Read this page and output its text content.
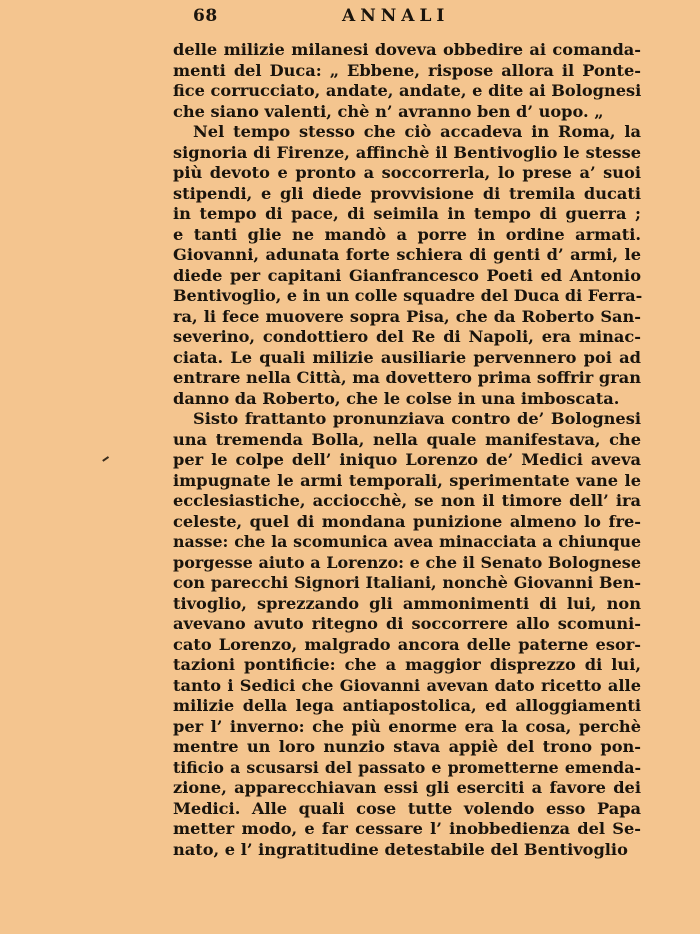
68	ANNALI
delle milizie milanesi doveva obbedire ai comanda-
menti del Duca: „ Ebbene, rispose allora il Ponte-
fice corrucciato, andate, andate, e dite ai Bolognesi
che siano valenti, chè n’ avranno ben d’ uopo. „
Nel tempo stesso che ciò accadeva in Roma, la
signoria di Firenze, affinchè il Bentivoglio le stesse
più devoto e pronto a soccorrerla, lo prese a’ suoi
stipendi, e gli diede provvisione di tremila ducati
in tempo di pace, di seimila in tempo di guerra ;
e tanti glie ne mandò a porre in ordine armati.
Giovanni, adunata forte schiera di genti d’ armi, le
diede per capitani Gianfrancesco Poeti ed Antonio
Bentivoglio, e in un colle squadre del Duca di Ferra-
ra, li fece muovere sopra Pisa, che da Roberto San-
severino, condottiero del Re di Napoli, era minac-
ciata. Le quali milizie ausiliarie pervennero poi ad
entrare nella Città, ma dovettero prima soffrir gran
danno da Roberto, che le colse in una imboscata.
Sisto frattanto pronunziava contro de’ Bolognesi
una tremenda Bolla, nella quale manifestava, che
per le colpe dell’ iniquo Lorenzo de’ Medici aveva
impugnate le armi temporali, sperimentate vane le
ecclesiastiche, acciocchè, se non il timore dell’ ira
celeste, quel di mondana punizione almeno lo fre-
nasse: che la scomunica avea minacciata a chiunque
porgesse aiuto a Lorenzo: e che il Senato Bolognese
con parecchi Signori Italiani, nonchè Giovanni Ben-
tivoglio, sprezzando gli ammonimenti di lui, non
avevano avuto ritegno di soccorrere allo scomuni-
cato Lorenzo, malgrado ancora delle paterne esor-
tazioni pontificie: che a maggior disprezzo di lui,
tanto i Sedici che Giovanni avevan dato ricetto alle
milizie della lega antiapostolica, ed alloggiamenti
per l’ inverno: che più enorme era la cosa, perchè
mentre un loro nunzio stava appiè del trono pon-
tificio a scusarsi del passato e prometterne emenda-
zione, apparecchiavan essi gli eserciti a favore dei
Medici. Alle quali cose tutte volendo esso Papa
metter modo, e far cessare l’ inobbedienza del Se-
nato, e l’ ingratitudine detestabile del Bentivoglio
